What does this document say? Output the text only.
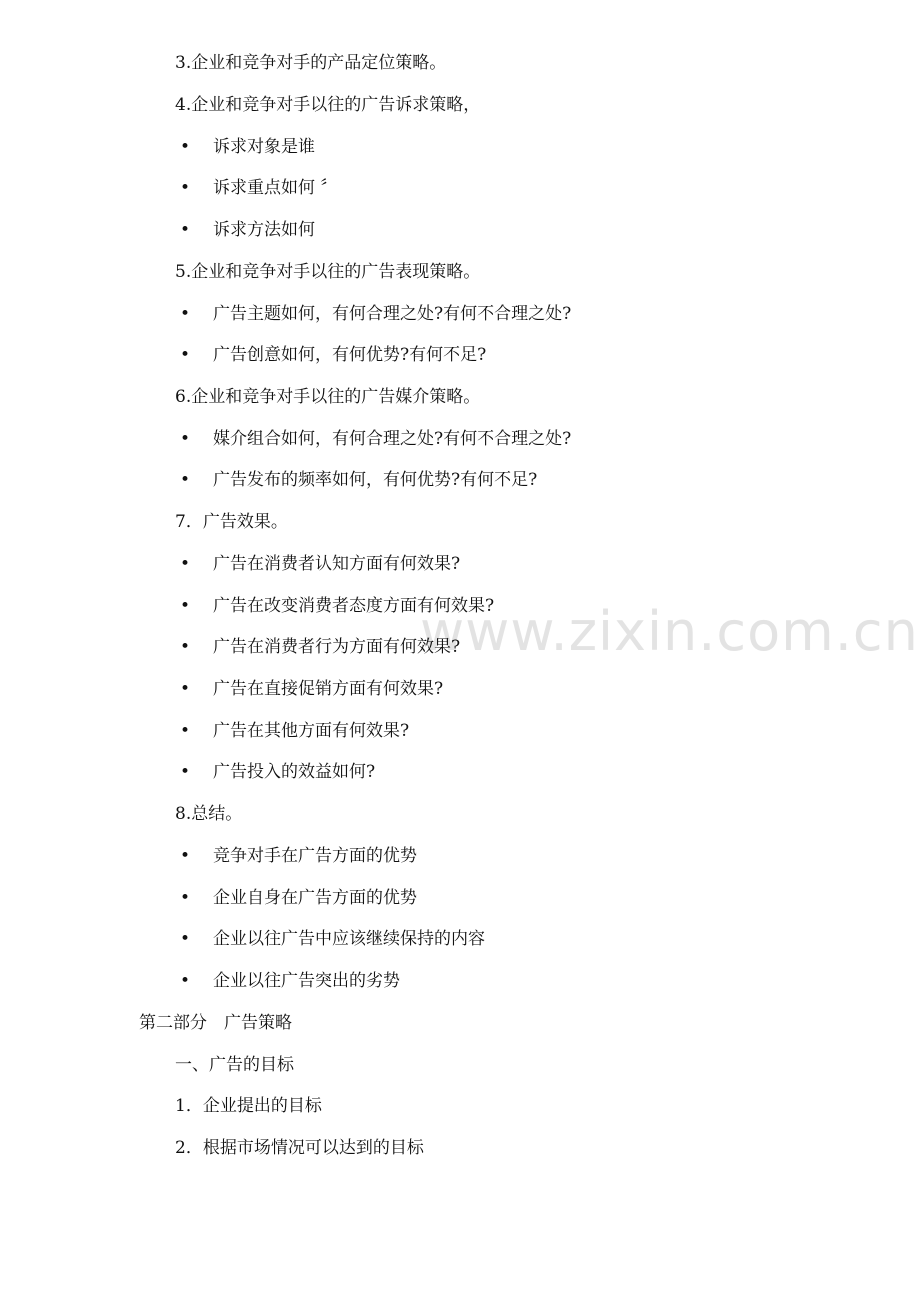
www.zixin.com.cn
3.企业和竞争对手的产品定位策略。
4.企业和竞争对手以往的广告诉求策略，
• 诉求对象是谁
• 诉求重点如何 〞
• 诉求方法如何
5.企业和竞争对手以往的广告表现策略。
• 广告主题如何，有何合理之处?有何不合理之处?
• 广告创意如何，有何优势?有何不足?
6.企业和竞争对手以往的广告媒介策略。
• 媒介组合如何，有何合理之处?有何不合理之处?
• 广告发布的频率如何，有何优势?有何不足?
7．广告效果。
• 广告在消费者认知方面有何效果?
• 广告在改变消费者态度方面有何效果?
• 广告在消费者行为方面有何效果?
• 广告在直接促销方面有何效果?
• 广告在其他方面有何效果?
• 广告投入的效益如何?
8.总结。
• 竞争对手在广告方面的优势
• 企业自身在广告方面的优势
• 企业以往广告中应该继续保持的内容
• 企业以往广告突出的劣势
第二部分　广告策略
一、广告的目标
1．企业提出的目标
2．根据市场情况可以达到的目标
